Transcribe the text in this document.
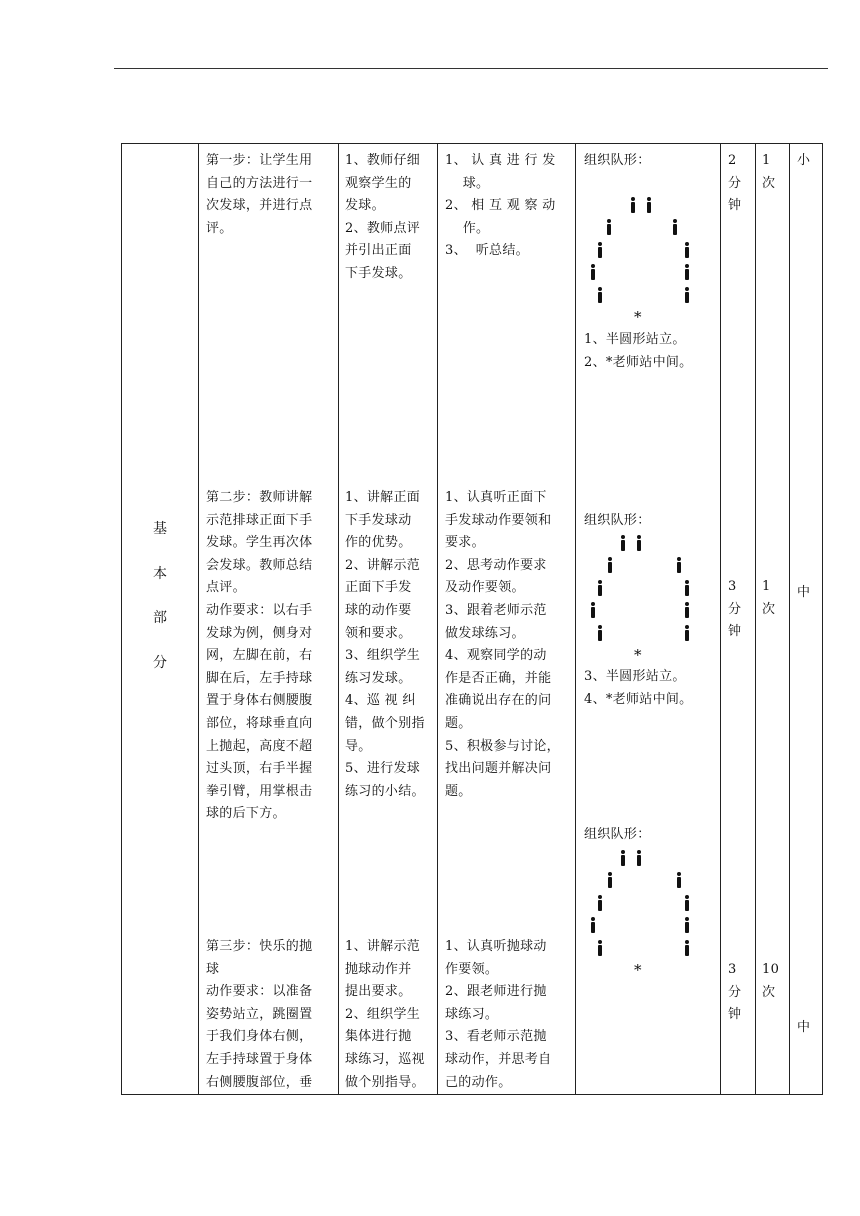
基
本
部
分
第一步：让学生用
自己的方法进行一
次发球，并进行点
评。
1、教师仔细
观察学生的
发球。
2、教师点评
并引出正面
下手发球。
1、 认 真 进 行 发
球。
2、 相 互 观 察 动
作。
3、  听总结。
组织队形：
*
1、半圆形站立。
2、*老师站中间。
2
分
钟
1
次
小
第二步：教师讲解
示范排球正面下手
发球。学生再次体
会发球。教师总结
点评。
动作要求：以右手
发球为例，侧身对
网，左脚在前，右
脚在后，左手持球
置于身体右侧腰腹
部位，将球垂直向
上抛起，高度不超
过头顶，右手半握
拳引臂，用掌根击
球的后下方。
1、讲解正面
下手发球动
作的优势。
2、讲解示范
正面下手发
球的动作要
领和要求。
3、组织学生
练习发球。
4、巡 视 纠
错，做个别指
导。
5、进行发球
练习的小结。
1、认真听正面下
手发球动作要领和
要求。
2、思考动作要求
及动作要领。
3、跟着老师示范
做发球练习。
4、观察同学的动
作是否正确，并能
准确说出存在的问
题。
5、积极参与讨论，
找出问题并解决问
题。
组织队形：
*
3、半圆形站立。
4、*老师站中间。
3
分
钟
1
次
中
组织队形：
*
第三步：快乐的抛
球
动作要求：以准备
姿势站立，跳圈置
于我们身体右侧，
左手持球置于身体
右侧腰腹部位，垂
1、讲解示范
抛球动作并
提出要求。
2、组织学生
集体进行抛
球练习，巡视
做个别指导。
1、认真听抛球动
作要领。
2、跟老师进行抛
球练习。
3、看老师示范抛
球动作，并思考自
己的动作。
3
分
钟
10
次
中
